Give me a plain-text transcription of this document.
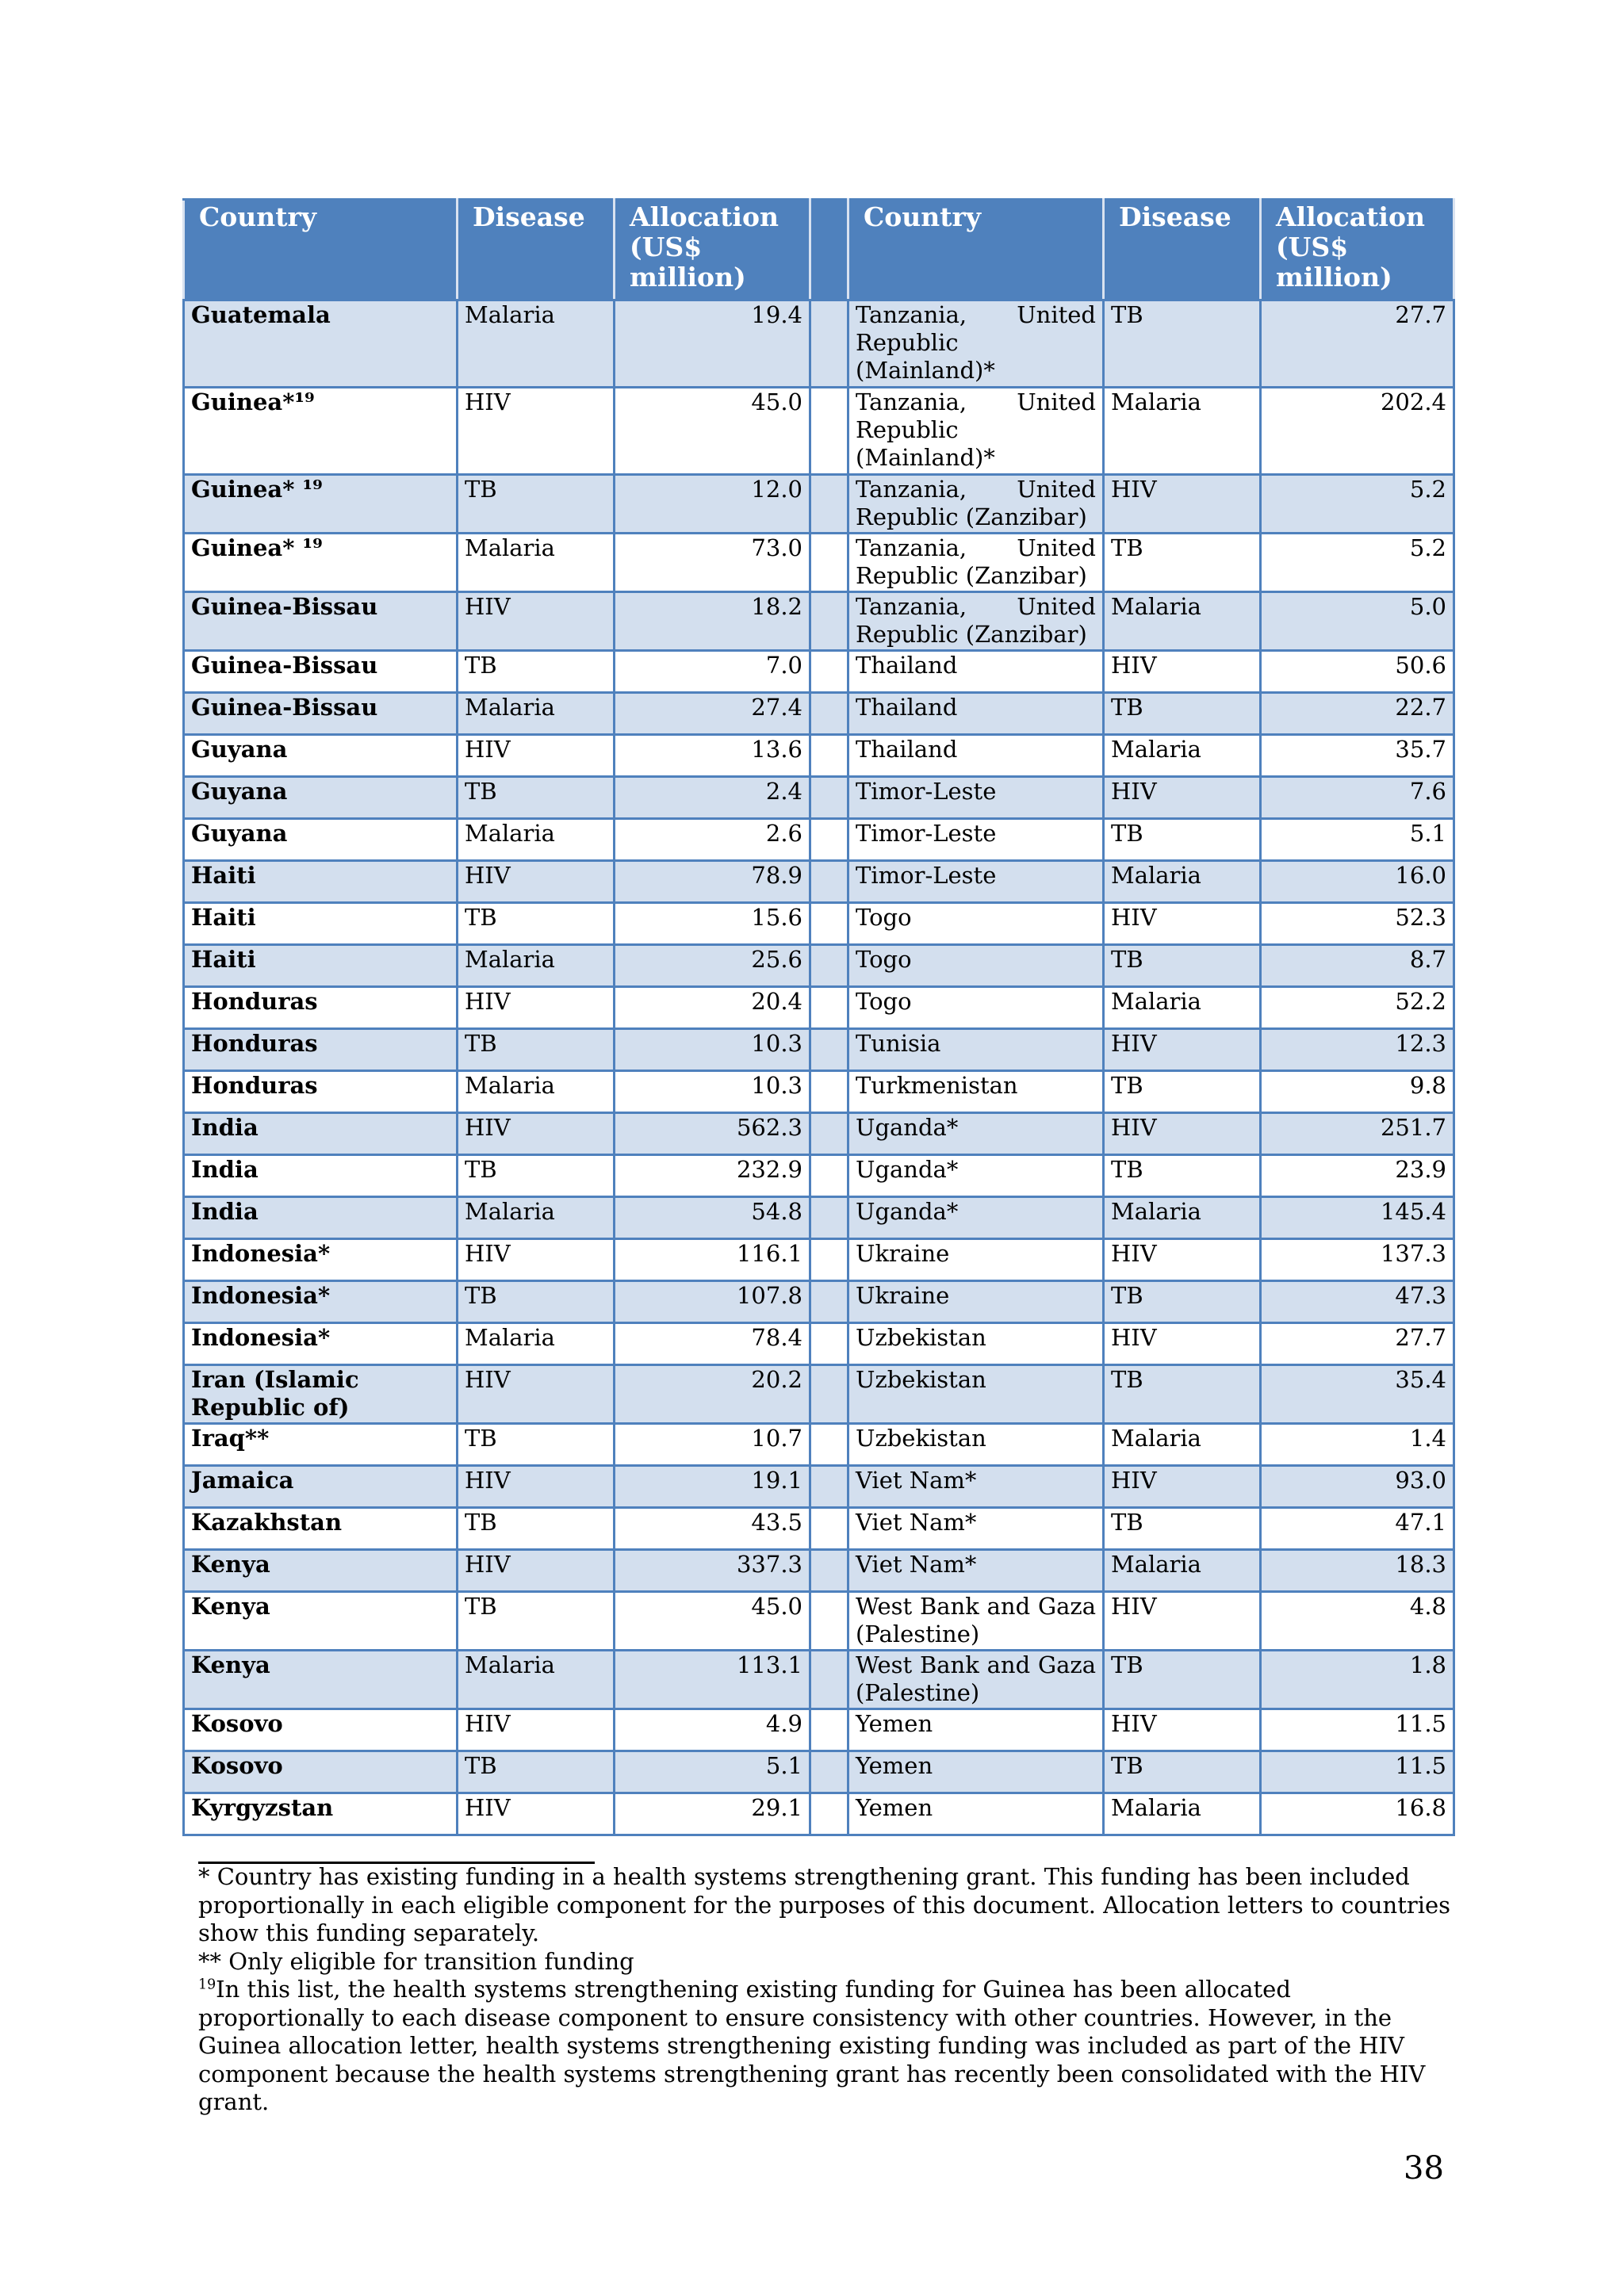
Country	Disease	Allocation (US$ million)		Country	Disease	Allocation (US$ million)
Guatemala	Malaria	19.4		Tanzania, United Republic (Mainland)*	TB	27.7
Guinea*¹⁹	HIV	45.0		Tanzania, United Republic (Mainland)*	Malaria	202.4
Guinea* ¹⁹	TB	12.0		Tanzania, United Republic (Zanzibar)	HIV	5.2
Guinea* ¹⁹	Malaria	73.0		Tanzania, United Republic (Zanzibar)	TB	5.2
Guinea-Bissau	HIV	18.2		Tanzania, United Republic (Zanzibar)	Malaria	5.0
Guinea-Bissau	TB	7.0		Thailand	HIV	50.6
Guinea-Bissau	Malaria	27.4		Thailand	TB	22.7
Guyana	HIV	13.6		Thailand	Malaria	35.7
Guyana	TB	2.4		Timor-Leste	HIV	7.6
Guyana	Malaria	2.6		Timor-Leste	TB	5.1
Haiti	HIV	78.9		Timor-Leste	Malaria	16.0
Haiti	TB	15.6		Togo	HIV	52.3
Haiti	Malaria	25.6		Togo	TB	8.7
Honduras	HIV	20.4		Togo	Malaria	52.2
Honduras	TB	10.3		Tunisia	HIV	12.3
Honduras	Malaria	10.3		Turkmenistan	TB	9.8
India	HIV	562.3		Uganda*	HIV	251.7
India	TB	232.9		Uganda*	TB	23.9
India	Malaria	54.8		Uganda*	Malaria	145.4
Indonesia*	HIV	116.1		Ukraine	HIV	137.3
Indonesia*	TB	107.8		Ukraine	TB	47.3
Indonesia*	Malaria	78.4		Uzbekistan	HIV	27.7
Iran (Islamic Republic of)	HIV	20.2		Uzbekistan	TB	35.4
Iraq**	TB	10.7		Uzbekistan	Malaria	1.4
Jamaica	HIV	19.1		Viet Nam*	HIV	93.0
Kazakhstan	TB	43.5		Viet Nam*	TB	47.1
Kenya	HIV	337.3		Viet Nam*	Malaria	18.3
Kenya	TB	45.0		West Bank and Gaza (Palestine)	HIV	4.8
Kenya	Malaria	113.1		West Bank and Gaza (Palestine)	TB	1.8
Kosovo	HIV	4.9		Yemen	HIV	11.5
Kosovo	TB	5.1		Yemen	TB	11.5
Kyrgyzstan	HIV	29.1		Yemen	Malaria	16.8

* Country has existing funding in a health systems strengthening grant. This funding has been included proportionally in each eligible component for the purposes of this document. Allocation letters to countries show this funding separately.

** Only eligible for transition funding

$^{19}$In this list, the health systems strengthening existing funding for Guinea has been allocated proportionally to each disease component to ensure consistency with other countries. However, in the Guinea allocation letter, health systems strengthening existing funding was included as part of the HIV component because the health systems strengthening grant has recently been consolidated with the HIV grant.

38
